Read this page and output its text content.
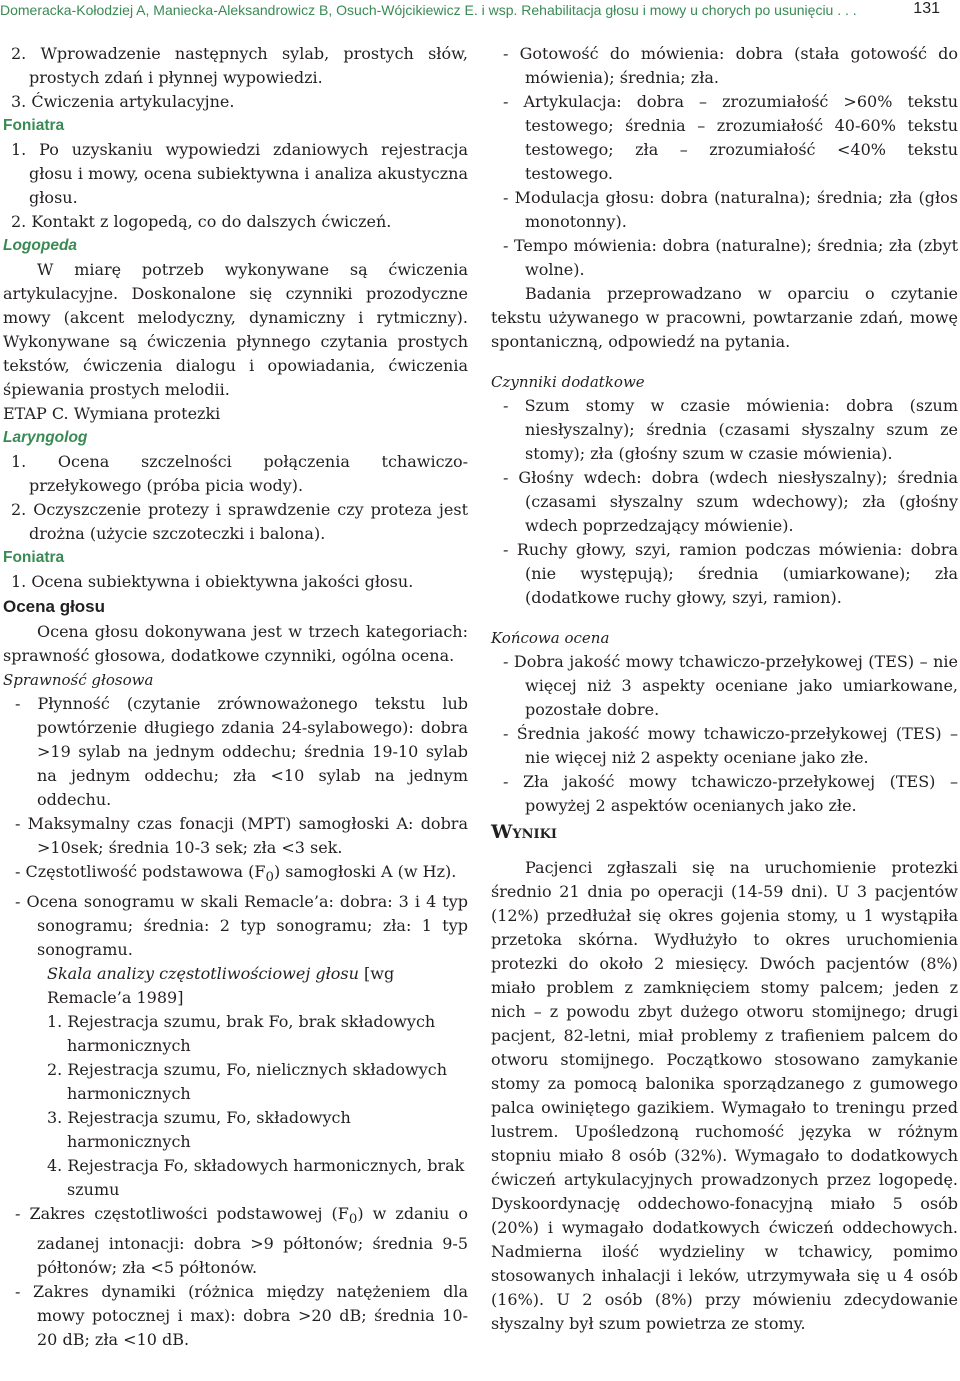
Domeracka-Kołodziej A, Maniecka-Aleksandrowicz B, Osuch-Wójcikiewicz E. i wsp. Rehabilitacja głosu i mowy u chorych po usunięciu . . .	131
2. Wprowadzenie następnych sylab, prostych słów, prostych zdań i płynnej wypowiedzi.
3. Ćwiczenia artykulacyjne.
Foniatra
1. Po uzyskaniu wypowiedzi zdaniowych rejestracja głosu i mowy, ocena subiektywna i analiza akustyczna głosu.
2. Kontakt z logopedą, co do dalszych ćwiczeń.
Logopeda

W miarę potrzeb wykonywane są ćwiczenia artykulacyjne. Doskonalone się czynniki prozodyczne mowy (akcent melodyczny, dynamiczny i rytmiczny). Wykonywane są ćwiczenia płynnego czytania prostych tekstów, ćwiczenia dialogu i opowiadania, ćwiczenia śpiewania prostych melodii.

ETAP C. Wymiana protezki
Laryngolog
1. Ocena szczelności połączenia tchawiczo-przełykowego (próba picia wody).
2. Oczyszczenie protezy i sprawdzenie czy proteza jest drożna (użycie szczoteczki i balona).
Foniatra
1. Ocena subiektywna i obiektywna jakości głosu.
Ocena głosu

Ocena głosu dokonywana jest w trzech kategoriach: sprawność głosowa, dodatkowe czynniki, ogólna ocena.

Sprawność głosowa
- Płynność (czytanie zrównoważonego tekstu lub powtórzenie długiego zdania 24-sylabowego): dobra >19 sylab na jednym oddechu; średnia 19-10 sylab na jednym oddechu; zła <10 sylab na jednym oddechu.
- Maksymalny czas fonacji (MPT) samogłoski A: dobra >10sek; średnia 10-3 sek; zła <3 sek.
- Częstotliwość podstawowa $(F_0)$ samogłoski A (w Hz).
- Ocena sonogramu w skali Remacle’a: dobra: 3 i 4 typ sonogramu; średnia: 2 typ sonogramu; zła: 1 typ sonogramu.
Skala analizy częstotliwościowej głosu [wg Remacle’a 1989]
1. Rejestracja szumu, brak Fo, brak składowych harmonicznych
2. Rejestracja szumu, Fo, nielicznych składowych harmonicznych
3. Rejestracja szumu, Fo, składowych harmonicznych
4. Rejestracja Fo, składowych harmonicznych, brak szumu
- Zakres częstotliwości podstawowej $(F_0)$ w zdaniu o zadanej intonacji: dobra >9 półtonów; średnia 9-5 półtonów; zła <5 półtonów.
- Zakres dynamiki (różnica między natężeniem dla mowy potocznej i max): dobra >20 dB; średnia 10-20 dB; zła <10 dB.
- Gotowość do mówienia: dobra (stała gotowość do mówienia); średnia; zła.
- Artykulacja: dobra – zrozumiałość >60% tekstu testowego; średnia – zrozumiałość 40-60% tekstu testowego; zła – zrozumiałość <40% tekstu testowego.
- Modulacja głosu: dobra (naturalna); średnia; zła (głos monotonny).
- Tempo mówienia: dobra (naturalne); średnia; zła (zbyt wolne).

Badania przeprowadzano w oparciu o czytanie tekstu używanego w pracowni, powtarzanie zdań, mowę spontaniczną, odpowiedź na pytania.

Czynniki dodatkowe
- Szum stomy w czasie mówienia: dobra (szum niesłyszalny); średnia (czasami słyszalny szum ze stomy); zła (głośny szum w czasie mówienia).
- Głośny wdech: dobra (wdech niesłyszalny); średnia (czasami słyszalny szum wdechowy); zła (głośny wdech poprzedzający mówienie).
- Ruchy głowy, szyi, ramion podczas mówienia: dobra (nie występują); średnia (umiarkowane); zła (dodatkowe ruchy głowy, szyi, ramion).
Końcowa ocena
- Dobra jakość mowy tchawiczo-przełykowej (TES) – nie więcej niż 3 aspekty oceniane jako umiarkowane, pozostałe dobre.
- Średnia jakość mowy tchawiczo-przełykowej (TES) – nie więcej niż 2 aspekty oceniane jako złe.
- Zła jakość mowy tchawiczo-przełykowej (TES) – powyżej 2 aspektów ocenianych jako złe.
Wyniki

Pacjenci zgłaszali się na uruchomienie protezki średnio 21 dnia po operacji (14-59 dni). U 3 pacjentów (12%) przedłużał się okres gojenia stomy, u 1 wystąpiła przetoka skórna. Wydłużyło to okres uruchomienia protezki do około 2 miesięcy. Dwóch pacjentów (8%) miało problem z zamknięciem stomy palcem; jeden z nich – z powodu zbyt dużego otworu stomijnego; drugi pacjent, 82-letni, miał problemy z trafieniem palcem do otworu stomijnego. Początkowo stosowano zamykanie stomy za pomocą balonika sporządzanego z gumowego palca owiniętego gazikiem. Wymagało to treningu przed lustrem. Upośledzoną ruchomość języka w różnym stopniu miało 8 osób (32%). Wymagało to dodatkowych ćwiczeń artykulacyjnych prowadzonych przez logopedę. Dyskoordynację oddechowo-fonacyjną miało 5 osób (20%) i wymagało dodatkowych ćwiczeń oddechowych. Nadmierna ilość wydzieliny w tchawicy, pomimo stosowanych inhalacji i leków, utrzymywała się u 4 osób (16%). U 2 osób (8%) przy mówieniu zdecydowanie słyszalny był szum powietrza ze stomy.
